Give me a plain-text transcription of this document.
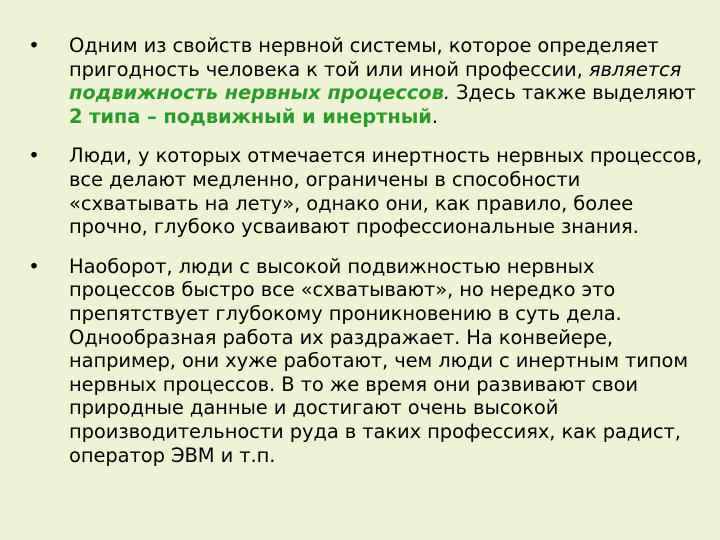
• Одним из свойств нервной системы, которое определяет пригодность человека к той или иной профессии, является подвижность нервных процессов. Здесь также выделяют 2 типа – подвижный и инертный.
• Люди, у которых отмечается инертность нервных процессов, все делают медленно, ограничены в способности «схватывать на лету», однако они, как правило, более прочно, глубоко усваивают профессиональные знания.
• Наоборот, люди с высокой подвижностью нервных процессов быстро все «схватывают», но нередко это препятствует глубокому проникновению в суть дела. Однообразная работа их раздражает. На конвейере, например, они хуже работают, чем люди с инертным типом нервных процессов. В то же время они развивают свои природные данные и достигают очень высокой производительности руда в таких профессиях, как радист, оператор ЭВМ и т.п.
